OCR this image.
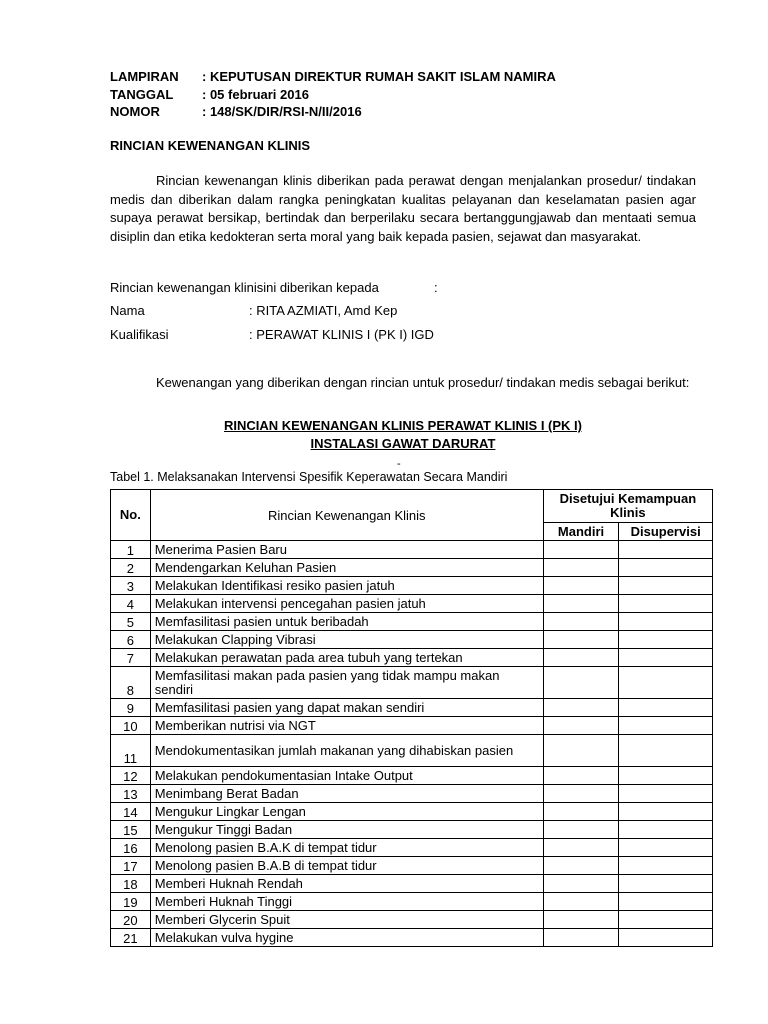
LAMPIRAN : KEPUTUSAN DIREKTUR RUMAH SAKIT ISLAM NAMIRA
TANGGAL : 05 februari 2016
NOMOR	: 148/SK/DIR/RSI-N/II/2016
RINCIAN KEWENANGAN KLINIS
Rincian kewenangan klinis diberikan pada perawat dengan menjalankan prosedur/ tindakan medis dan diberikan dalam rangka peningkatan kualitas pelayanan dan keselamatan pasien agar supaya perawat bersikap, bertindak dan berperilaku secara bertanggungjawab dan mentaati semua disiplin dan etika kedokteran serta moral yang baik kepada pasien, sejawat dan masyarakat.
Rincian kewenangan klinisini diberikan kepada	:
Nama	: RITA AZMIATI, Amd Kep
Kualifikasi	: PERAWAT KLINIS I (PK I) IGD
Kewenangan yang diberikan dengan rincian untuk prosedur/ tindakan medis sebagai berikut:
RINCIAN KEWENANGAN KLINIS PERAWAT KLINIS I (PK I)
INSTALASI GAWAT DARURAT
-
Tabel 1. Melaksanakan Intervensi Spesifik Keperawatan Secara Mandiri
No.	Rincian Kewenangan Klinis	Disetujui Kemampuan Klinis	
		Mandiri	Disupervisi
1	Menerima Pasien Baru		
2	Mendengarkan Keluhan Pasien		
3	Melakukan Identifikasi resiko pasien jatuh		
4	Melakukan intervensi pencegahan pasien jatuh		
5	Memfasilitasi pasien untuk beribadah		
6	Melakukan Clapping Vibrasi		
7	Melakukan perawatan pada area tubuh yang tertekan		
8	Memfasilitasi makan pada pasien yang tidak mampu makan sendiri		
9	Memfasilitasi pasien yang dapat makan sendiri		
10	Memberikan nutrisi via NGT		
11	Mendokumentasikan jumlah makanan yang dihabiskan pasien		
12	Melakukan pendokumentasian Intake Output		
13	Menimbang Berat Badan		
14	Mengukur Lingkar Lengan		
15	Mengukur Tinggi Badan		
16	Menolong pasien B.A.K di tempat tidur		
17	Menolong pasien B.A.B di tempat tidur		
18	Memberi Huknah Rendah		
19	Memberi Huknah Tinggi		
20	Memberi Glycerin Spuit		
21	Melakukan vulva hygine		
